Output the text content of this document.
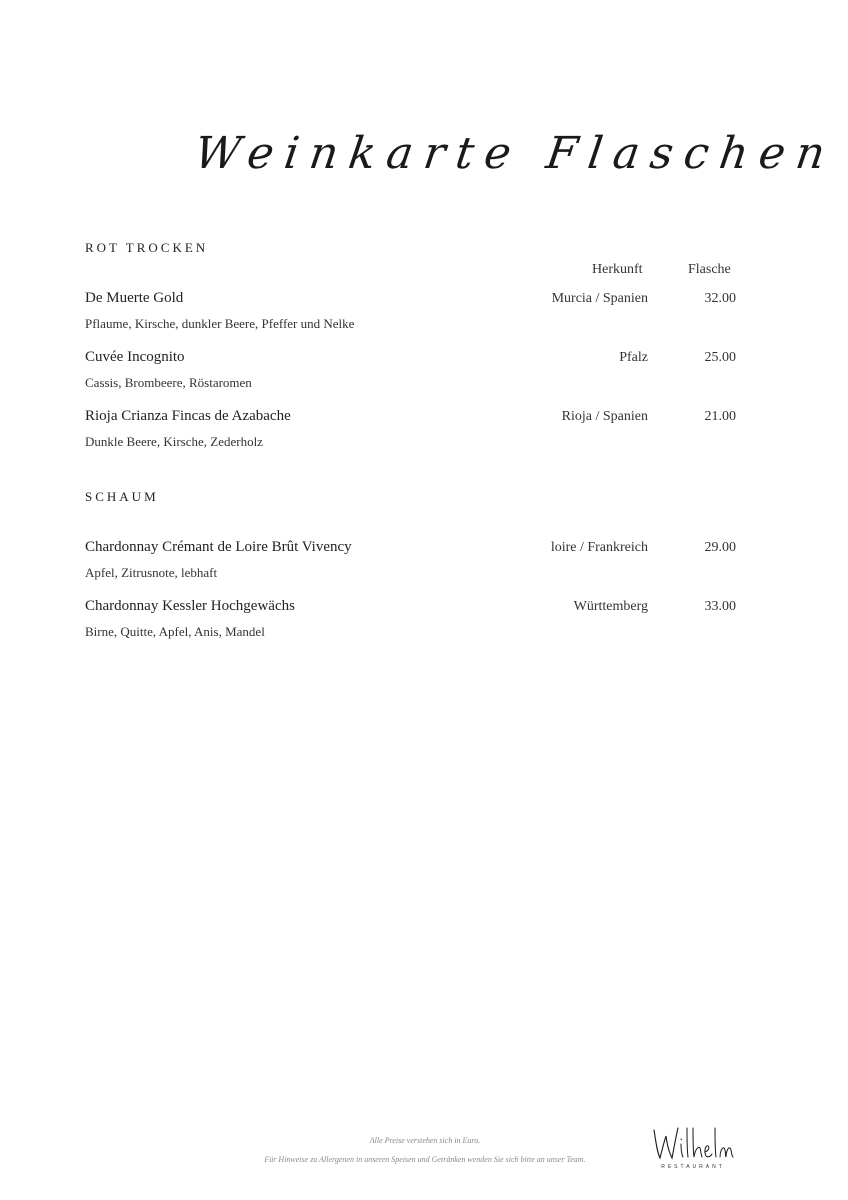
Weinkarte Flaschen
ROT TROCKEN
Herkunft	Flasche
De Muerte Gold	Murcia / Spanien	32.00
Pflaume, Kirsche, dunkler Beere, Pfeffer und Nelke
Cuvée Incognito	Pfalz	25.00
Cassis, Brombeere, Röstaromen
Rioja Crianza Fincas de Azabache	Rioja / Spanien	21.00
Dunkle Beere, Kirsche, Zederholz
SCHAUM
Chardonnay Crémant de Loire Brût Vivency	loire / Frankreich	29.00
Apfel, Zitrusnote, lebhaft
Chardonnay Kessler Hochgewächs	Württemberg	33.00
Birne, Quitte, Apfel, Anis, Mandel
Alle Preise verstehen sich in Euro.
Für Hinweise zu Allergenen in unseren Speisen und Getränken wenden Sie sich bitte an unser Team.
RESTAURANT
